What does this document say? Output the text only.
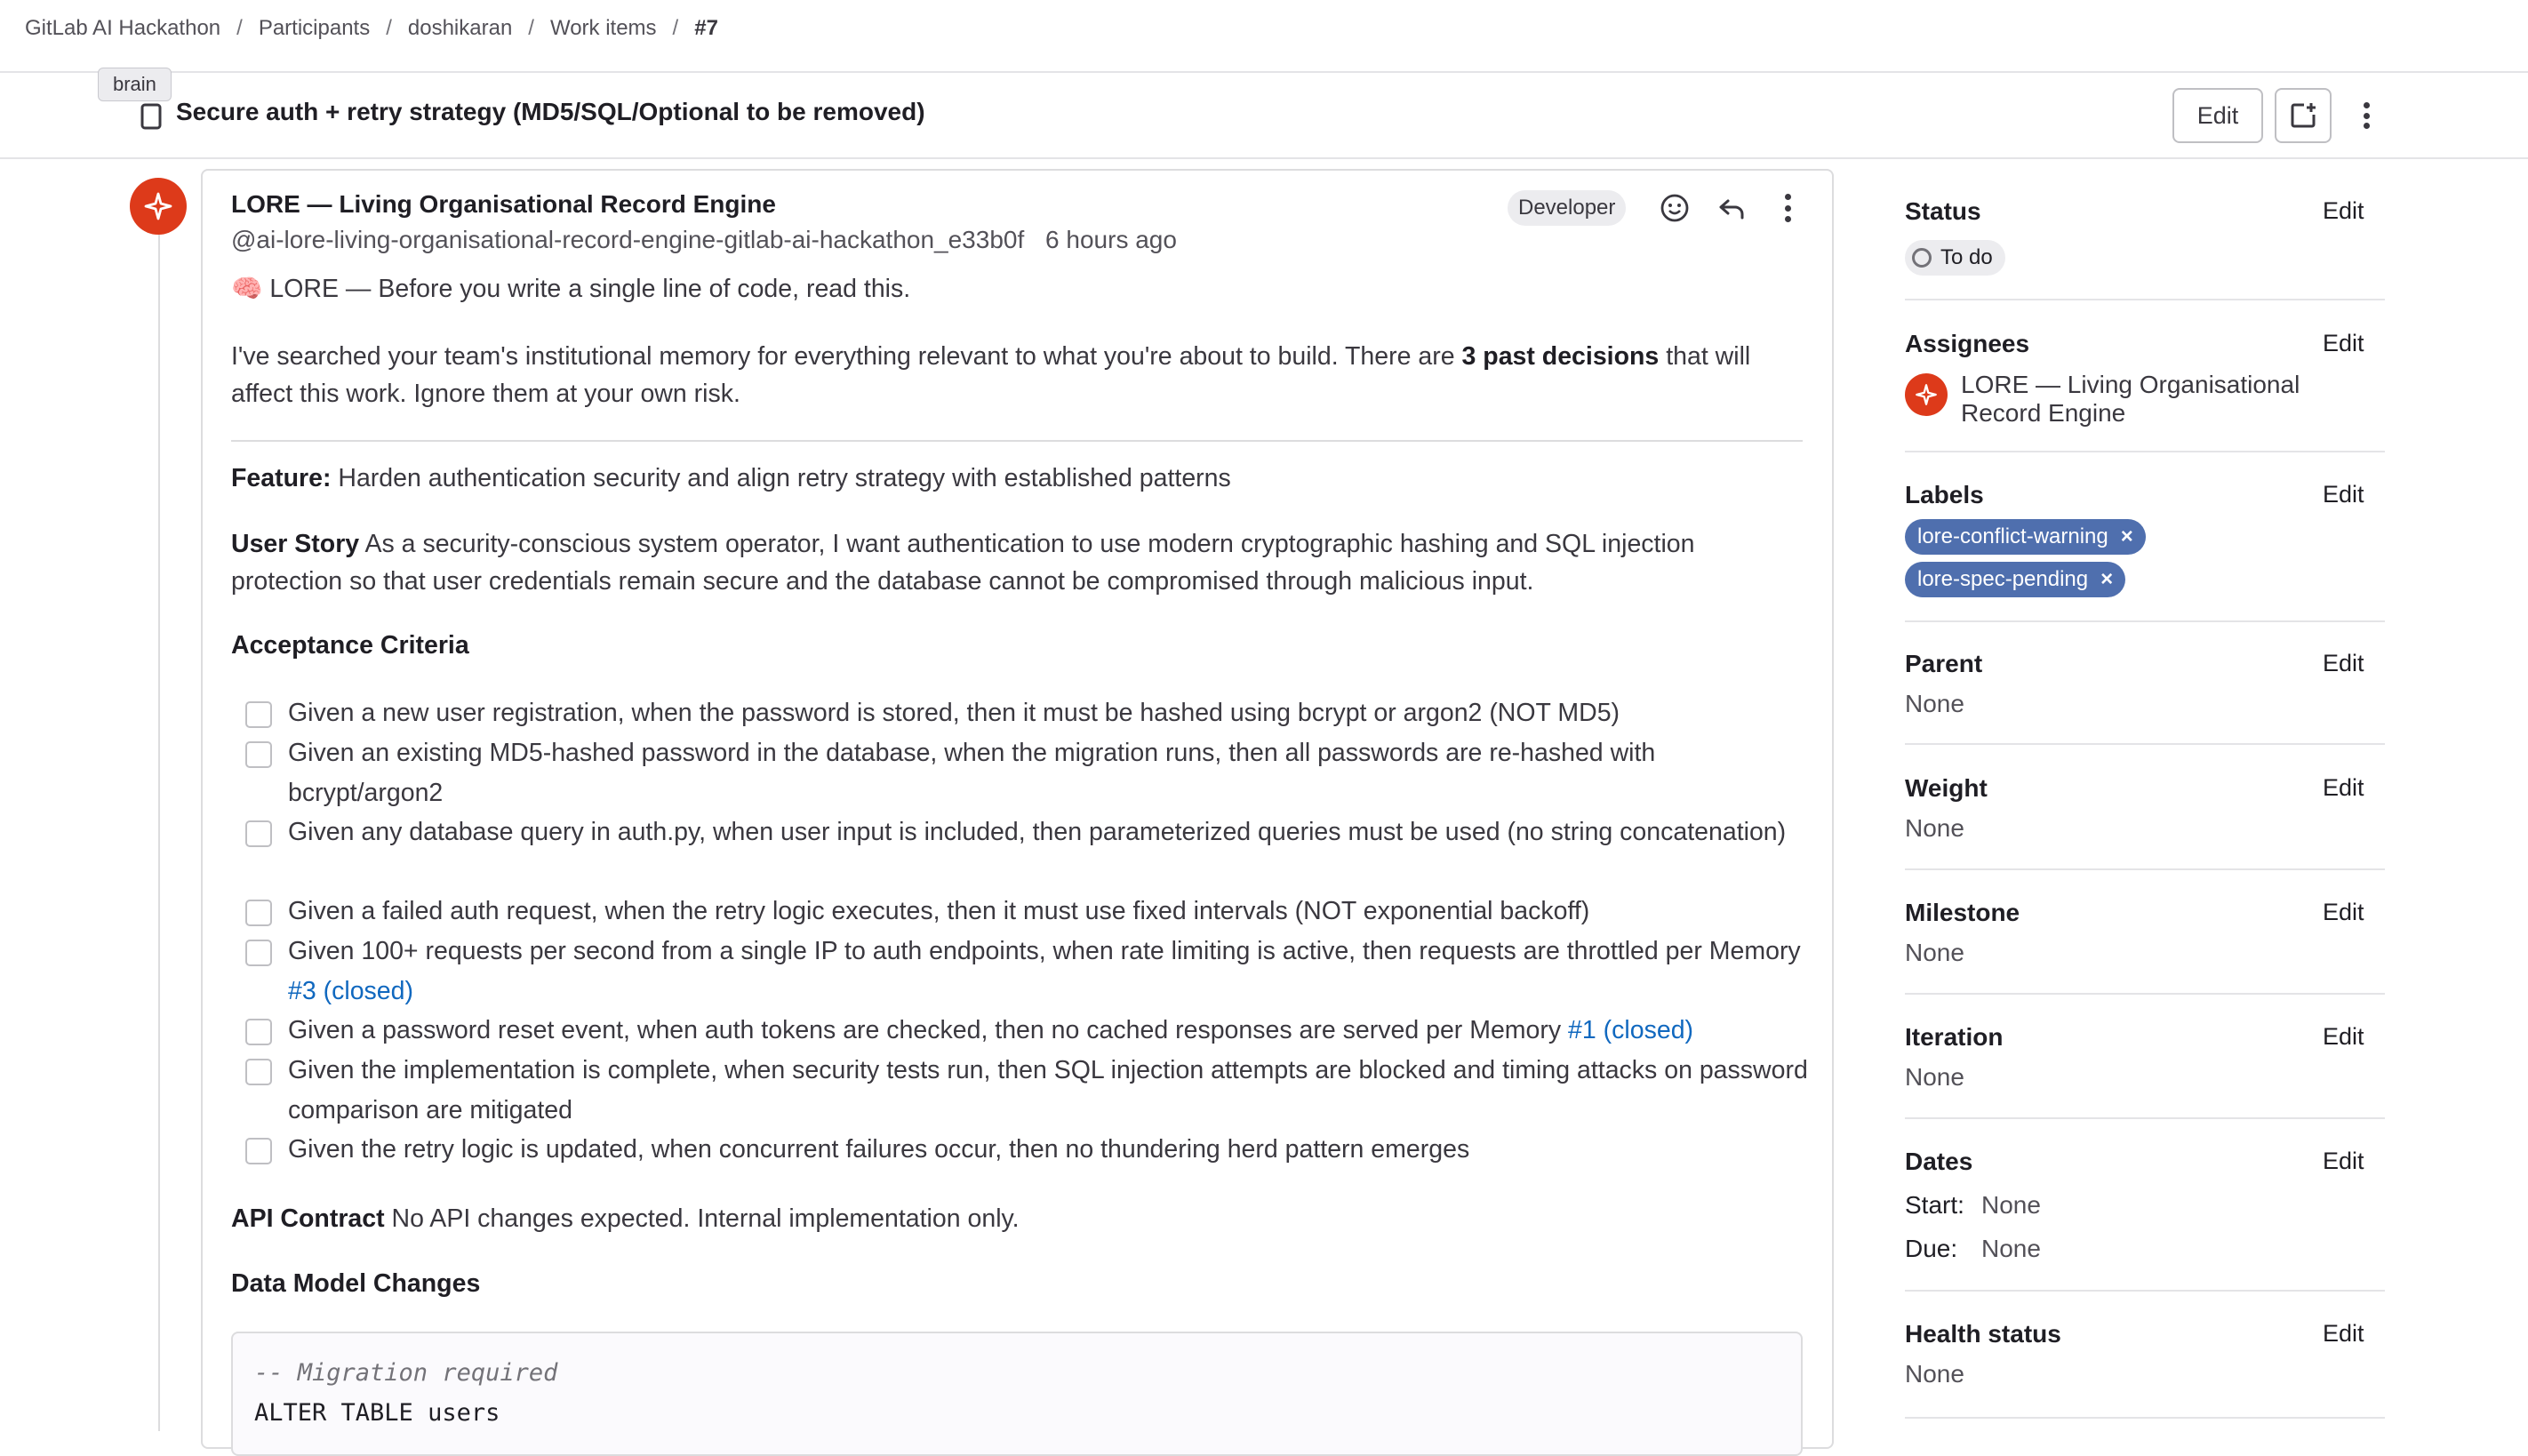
GitLab AI Hackathon / Participants / doshikaran / Work items / #7
Secure auth + retry strategy (MD5/SQL/Optional to be removed)
brain
Edit
LORE — Living Organisational Record Engine
@ai-lore-living-organisational-record-engine-gitlab-ai-hackathon_e33b0f 6 hours ago
Developer
🧠 LORE — Before you write a single line of code, read this.
I've searched your team's institutional memory for everything relevant to what you're about to build. There are 3 past decisions that will affect this work. Ignore them at your own risk.
Feature: Harden authentication security and align retry strategy with established patterns
User Story As a security-conscious system operator, I want authentication to use modern cryptographic hashing and SQL injection protection so that user credentials remain secure and the database cannot be compromised through malicious input.
Acceptance Criteria
Given a new user registration, when the password is stored, then it must be hashed using bcrypt or argon2 (NOT MD5)
Given an existing MD5-hashed password in the database, when the migration runs, then all passwords are re-hashed with bcrypt/argon2
Given any database query in auth.py, when user input is included, then parameterized queries must be used (no string concatenation)
Given a failed auth request, when the retry logic executes, then it must use fixed intervals (NOT exponential backoff)
Given 100+ requests per second from a single IP to auth endpoints, when rate limiting is active, then requests are throttled per Memory #3 (closed)
Given a password reset event, when auth tokens are checked, then no cached responses are served per Memory #1 (closed)
Given the implementation is complete, when security tests run, then SQL injection attempts are blocked and timing attacks on password comparison are mitigated
Given the retry logic is updated, when concurrent failures occur, then no thundering herd pattern emerges
API Contract No API changes expected. Internal implementation only.
Data Model Changes
-- Migration required
ALTER TABLE users
Status	Edit
To do
Assignees	Edit
LORE — Living Organisational Record Engine
Labels	Edit
lore-conflict-warning ×
lore-spec-pending ×
Parent	Edit
None
Weight	Edit
None
Milestone	Edit
None
Iteration	Edit
None
Dates	Edit
Start: None
Due: None
Health status	Edit
None
